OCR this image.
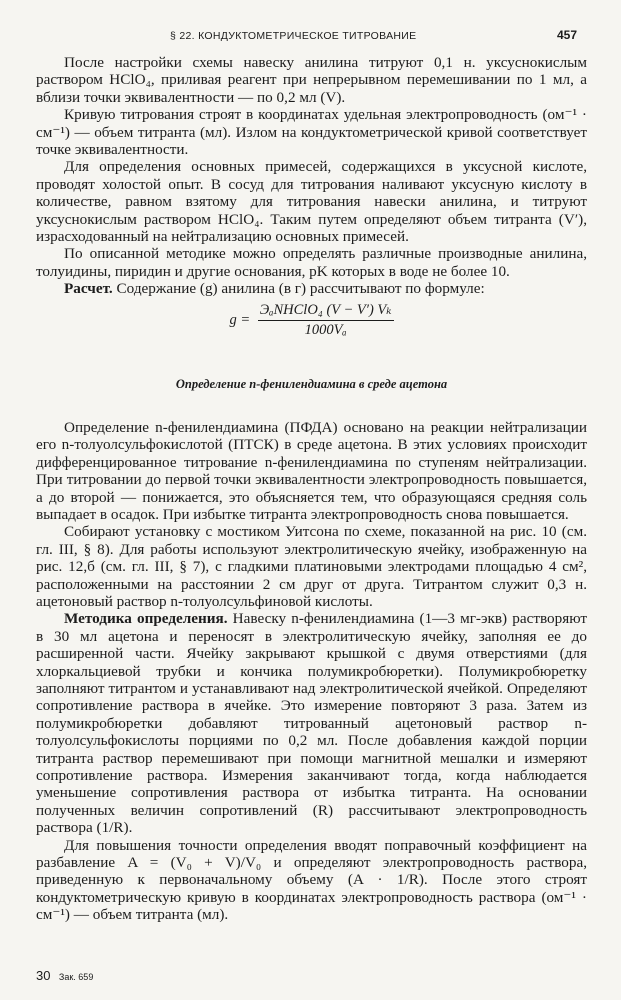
§ 22. КОНДУКТОМЕТРИЧЕСКОЕ ТИТРОВАНИЕ	457

После настройки схемы навеску анилина титруют 0,1 н. уксуснокислым раствором HClO₄, приливая реагент при непрерывном перемешивании по 1 мл, а вблизи точки эквивалентности — по 0,2 мл (V).

Кривую титрования строят в координатах удельная электропроводность (ом⁻¹ · см⁻¹) — объем титранта (мл). Излом на кондуктометрической кривой соответствует точке эквивалентности.

Для определения основных примесей, содержащихся в уксусной кислоте, проводят холостой опыт. В сосуд для титрования наливают уксусную кислоту в количестве, равном взятому для титрования навески анилина, и титруют уксуснокислым раствором HClO₄. Таким путем определяют объем титранта (V′), израсходованный на нейтрализацию основных примесей.

По описанной методике можно определять различные производные анилина, толуидины, пиридин и другие основания, pK которых в воде не более 10.

Расчет. Содержание (g) анилина (в г) рассчитывают по формуле:

$g = \frac{\text{ЭₐNHClO₄ (V − V′) Vₖ}}{\text{1000Vₐ}}$
Определение n-фенилендиамина в среде ацетона

Определение n-фенилендиамина (ПФДА) основано на реакции нейтрализации его n-толуолсульфокислотой (ПТСК) в среде ацетона. В этих условиях происходит дифференцированное титрование n-фенилендиамина по ступеням нейтрализации. При титровании до первой точки эквивалентности электропроводность повышается, а до второй — понижается, это объясняется тем, что образующаяся средняя соль выпадает в осадок. При избытке титранта электропроводность снова повышается.

Собирают установку с мостиком Уитсона по схеме, показанной на рис. 10 (см. гл. III, § 8). Для работы используют электролитическую ячейку, изображенную на рис. 12,б (см. гл. III, § 7), с гладкими платиновыми электродами площадью 4 см², расположенными на расстоянии 2 см друг от друга. Титрантом служит 0,3 н. ацетоновый раствор n-толуолсульфиновой кислоты.

Методика определения. Навеску n-фенилендиамина (1—3 мг-экв) растворяют в 30 мл ацетона и переносят в электролитическую ячейку, заполняя ее до расширенной части. Ячейку закрывают крышкой с двумя отверстиями (для хлоркальциевой трубки и кончика полумикробюретки). Полумикробюретку заполняют титрантом и устанавливают над электролитической ячейкой. Определяют сопротивление раствора в ячейке. Это измерение повторяют 3 раза. Затем из полумикробюретки добавляют титрованный ацетоновый раствор n-толуолсульфокислоты порциями по 0,2 мл. После добавления каждой порции титранта раствор перемешивают при помощи магнитной мешалки и измеряют сопротивление раствора. Измерения заканчивают тогда, когда наблюдается уменьшение сопротивления раствора от избытка титранта. На основании полученных величин сопротивлений (R) рассчитывают электропроводность раствора (1/R).

Для повышения точности определения вводят поправочный коэффициент на разбавление A = (V₀ + V)/V₀ и определяют электропроводность раствора, приведенную к первоначальному объему (A · 1/R). После этого строят кондуктометрическую кривую в координатах электропроводность раствора (ом⁻¹ · см⁻¹) — объем титранта (мл).

30 Зак. 659
